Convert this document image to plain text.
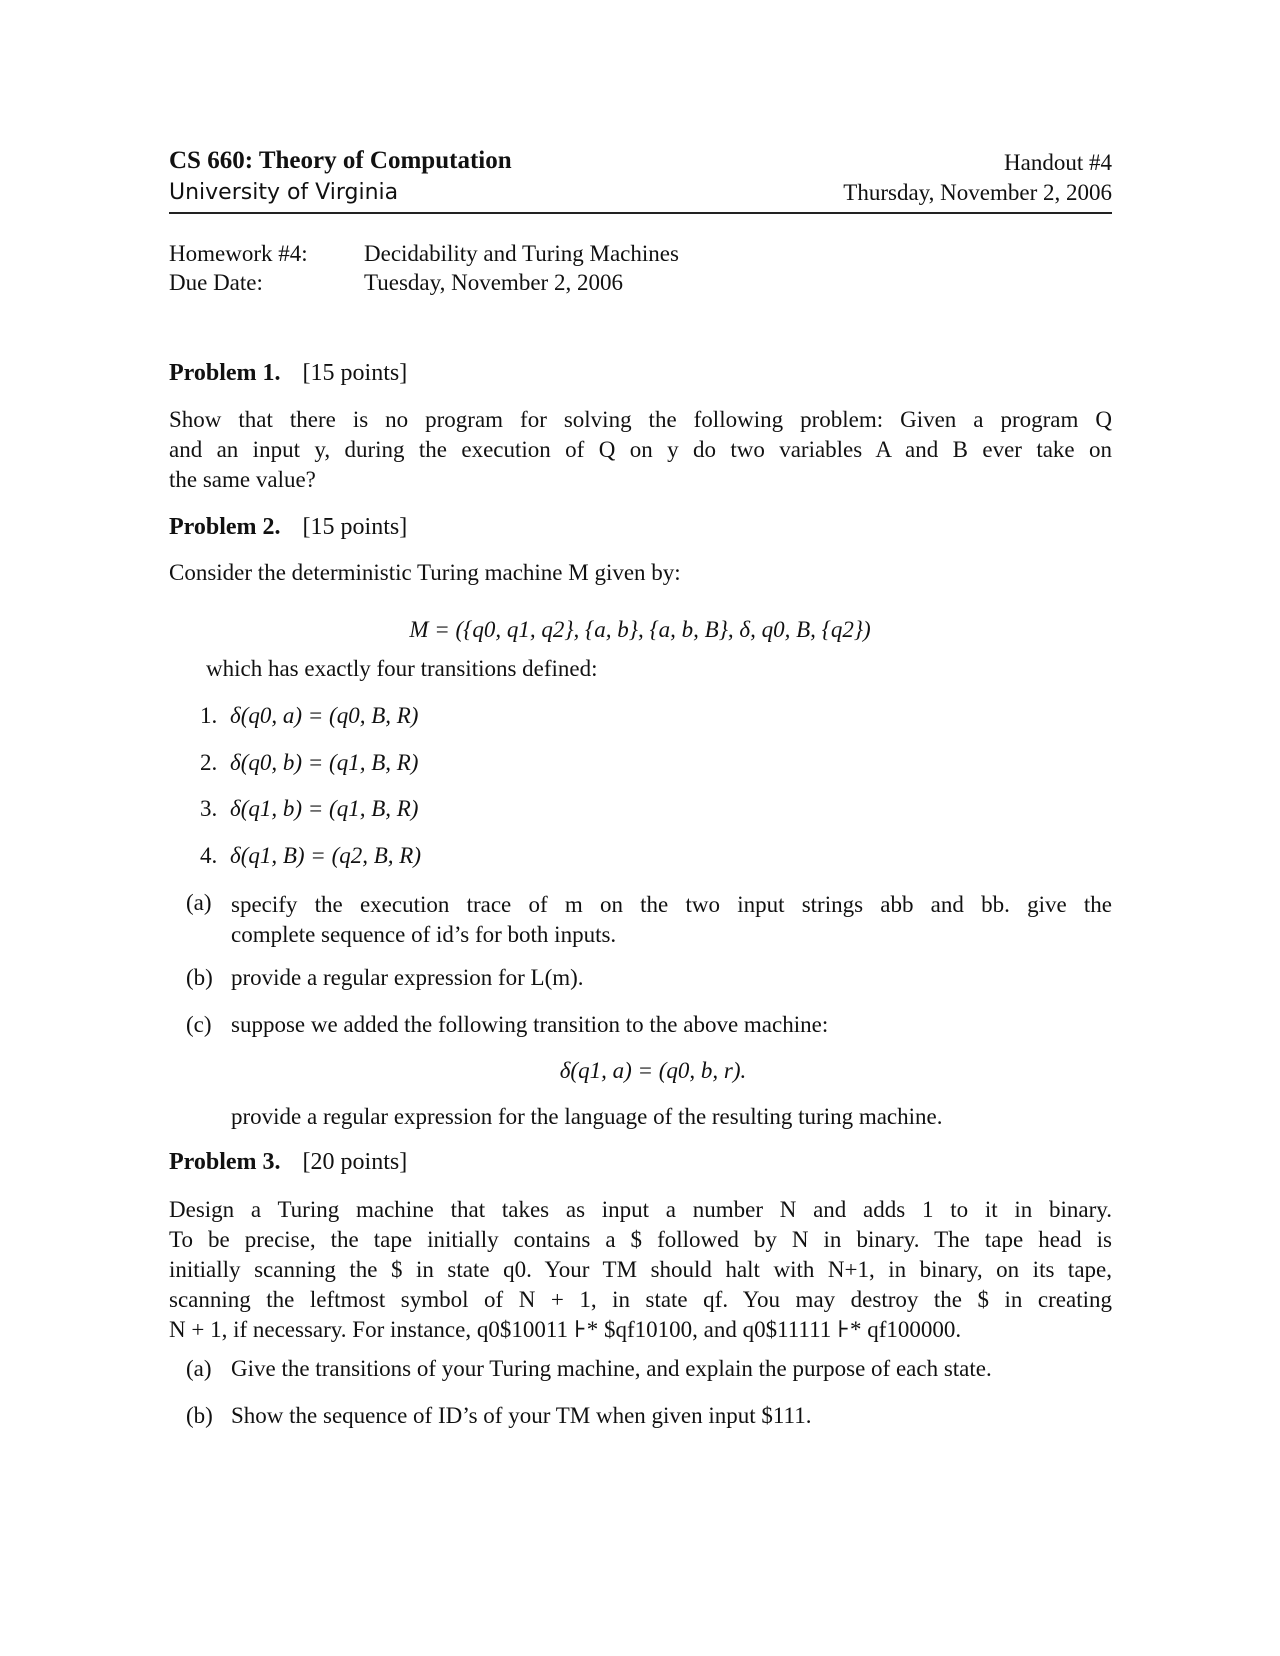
CS 660: Theory of Computation
University of Virginia
Handout #4
Thursday, November 2, 2006
Homework #4: Decidability and Turing Machines
Due Date:	Tuesday, November 2, 2006
Problem 1. [15 points]
Show that there is no program for solving the following problem: Given a program Q
and an input y, during the execution of Q on y do two variables A and B ever take on
the same value?
Problem 2. [15 points]
Consider the deterministic Turing machine M given by:
M = ({q0, q1, q2}, {a, b}, {a, b, B}, δ, q0, B, {q2})
which has exactly four transitions defined:
1. δ(q0, a) = (q0, B, R)
2. δ(q0, b) = (q1, B, R)
3. δ(q1, b) = (q1, B, R)
4. δ(q1, B) = (q2, B, R)
(a) specify the execution trace of m on the two input strings abb and bb. give the
complete sequence of id’s for both inputs.
(b) provide a regular expression for L(m).
(c) suppose we added the following transition to the above machine:
δ(q1, a) = (q0, b, r).
provide a regular expression for the language of the resulting turing machine.
Problem 3. [20 points]
Design a Turing machine that takes as input a number N and adds 1 to it in binary.
To be precise, the tape initially contains a $ followed by N in binary. The tape head is
initially scanning the $ in state q0. Your TM should halt with N+1, in binary, on its tape,
scanning the leftmost symbol of N + 1, in state qf. You may destroy the $ in creating
N + 1, if necessary. For instance, q0$10011 ⊦* $qf10100, and q0$11111 ⊦* qf100000.
(a) Give the transitions of your Turing machine, and explain the purpose of each state.
(b) Show the sequence of ID’s of your TM when given input $111.
